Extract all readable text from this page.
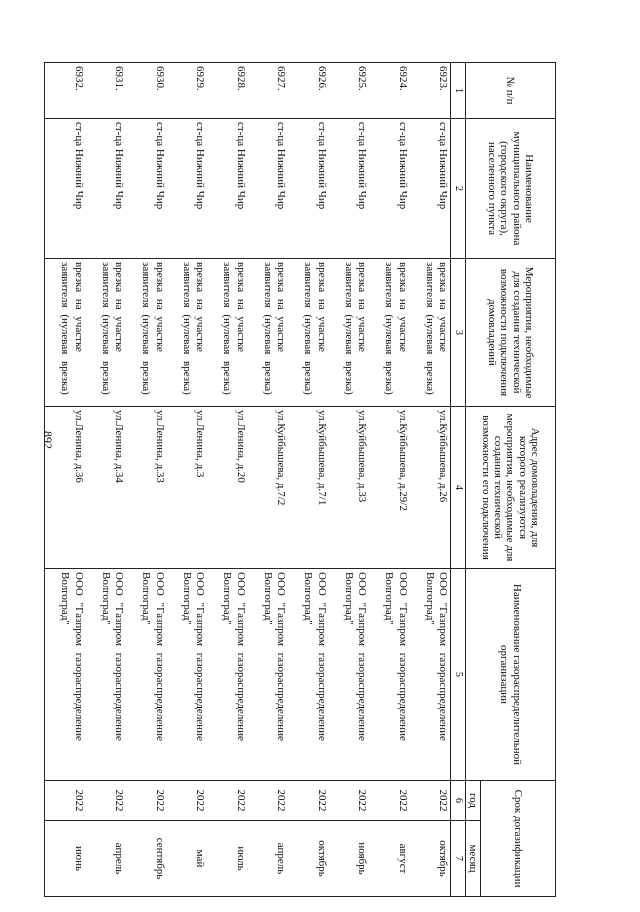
892
№ п/п	Наименование муниципального района (городского округа), населенного пункта	Мероприятия, необходимые для создания технической возможности подключения домовладений	Адрес домовладения, для которого реализуются мероприятия, необходимые для создания технической возможности его подключения	Наименование газораспределительной организации	Срок догазификации	
					год	месяц
1	2	3	4	5	6	7
6923.	ст-ца Нижний Чир	врезка на участке заявителя (нулевая врезка)	ул.Куйбышева, д.26	ООО "Газпром газораспределение Волгоград"	2022	октябрь
6924.	ст-ца Нижний Чир	врезка на участке заявителя (нулевая врезка)	ул.Куйбышева, д.29/2	ООО "Газпром газораспределение Волгоград"	2022	август
6925.	ст-ца Нижний Чир	врезка на участке заявителя (нулевая врезка)	ул.Куйбышева, д.33	ООО "Газпром газораспределение Волгоград"	2022	ноябрь
6926.	ст-ца Нижний Чир	врезка на участке заявителя (нулевая врезка)	ул.Куйбышева, д.7/1	ООО "Газпром газораспределение Волгоград"	2022	октябрь
6927.	ст-ца Нижний Чир	врезка на участке заявителя (нулевая врезка)	ул.Куйбышева, д.7/2	ООО "Газпром газораспределение Волгоград"	2022	апрель
6928.	ст-ца Нижний Чир	врезка на участке заявителя (нулевая врезка)	ул.Ленина, д.20	ООО "Газпром газораспределение Волгоград"	2022	июль
6929.	ст-ца Нижний Чир	врезка на участке заявителя (нулевая врезка)	ул.Ленина, д.3	ООО "Газпром газораспределение Волгоград"	2022	май
6930.	ст-ца Нижний Чир	врезка на участке заявителя (нулевая врезка)	ул.Ленина, д.33	ООО "Газпром газораспределение Волгоград"	2022	сентябрь
6931.	ст-ца Нижний Чир	врезка на участке заявителя (нулевая врезка)	ул.Ленина, д.34	ООО "Газпром газораспределение Волгоград"	2022	апрель
6932.	ст-ца Нижний Чир	врезка на участке заявителя (нулевая врезка)	ул.Ленина, д.36	ООО "Газпром газораспределение Волгоград"	2022	июнь
